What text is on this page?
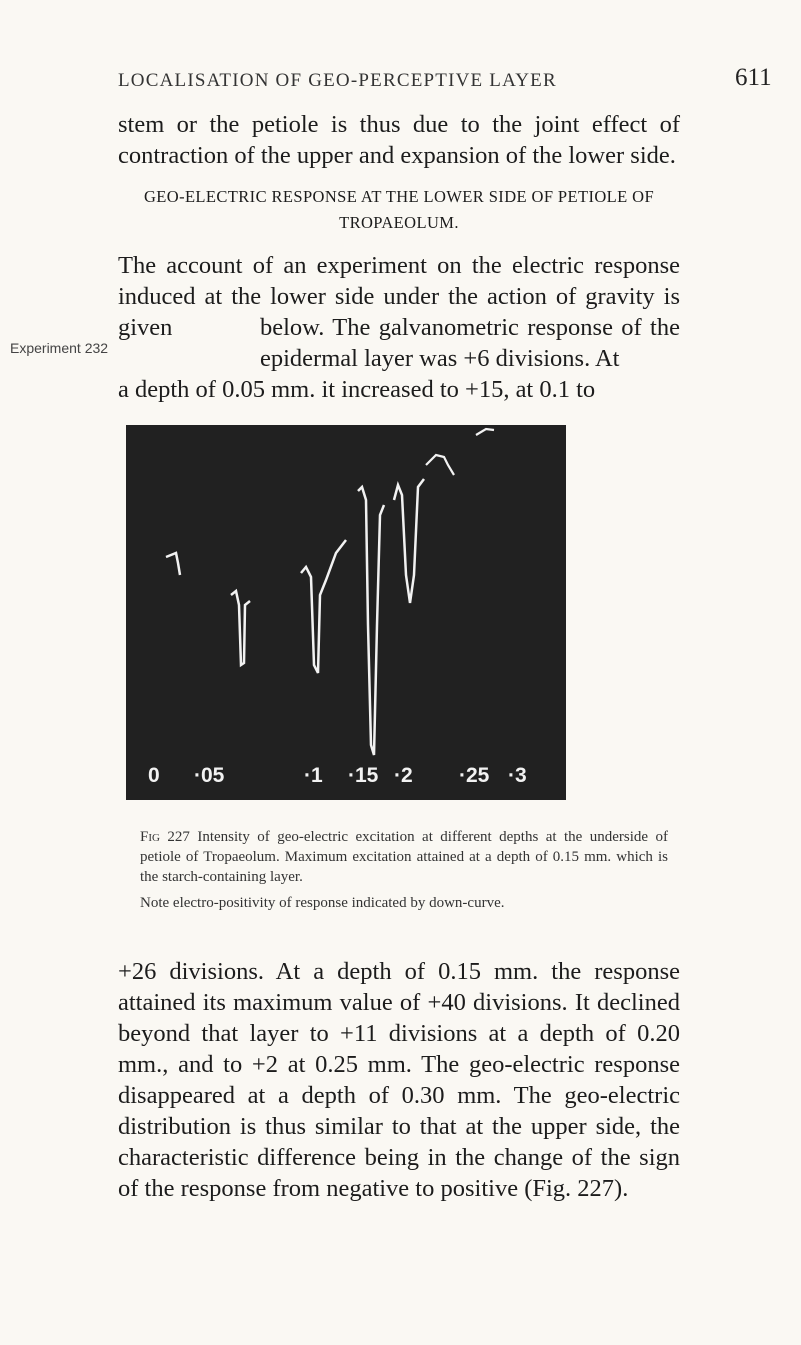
LOCALISATION OF GEO-PERCEPTIVE LAYER	611

stem or the petiole is thus due to the joint effect of contraction of the upper and expansion of the lower side.

GEO-ELECTRIC RESPONSE AT THE LOWER SIDE OF PETIOLE OF TROPAEOLUM.

The account of an experiment on the electric response induced at the lower side under the action of gravity is given

Experiment 232

below. The galvanometric response of the epidermal layer was +6 divisions. At

a depth of 0.05 mm. it increased to +15, at 0.1 to

0 ·05	·1 ·15 ·2 ·25 ·3

Fig 227 Intensity of geo-electric excitation at different depths at the underside of petiole of Tropaeolum. Maximum excitation attained at a depth of 0.15 mm. which is the starch-containing layer.

Note electro-positivity of response indicated by down-curve.

+26 divisions. At a depth of 0.15 mm. the response attained its maximum value of +40 divisions. It declined beyond that layer to +11 divisions at a depth of 0.20 mm., and to +2 at 0.25 mm. The geo-electric response disappeared at a depth of 0.30 mm. The geo-electric distribution is thus similar to that at the upper side, the characteristic difference being in the change of the sign of the response from negative to positive (Fig. 227).
